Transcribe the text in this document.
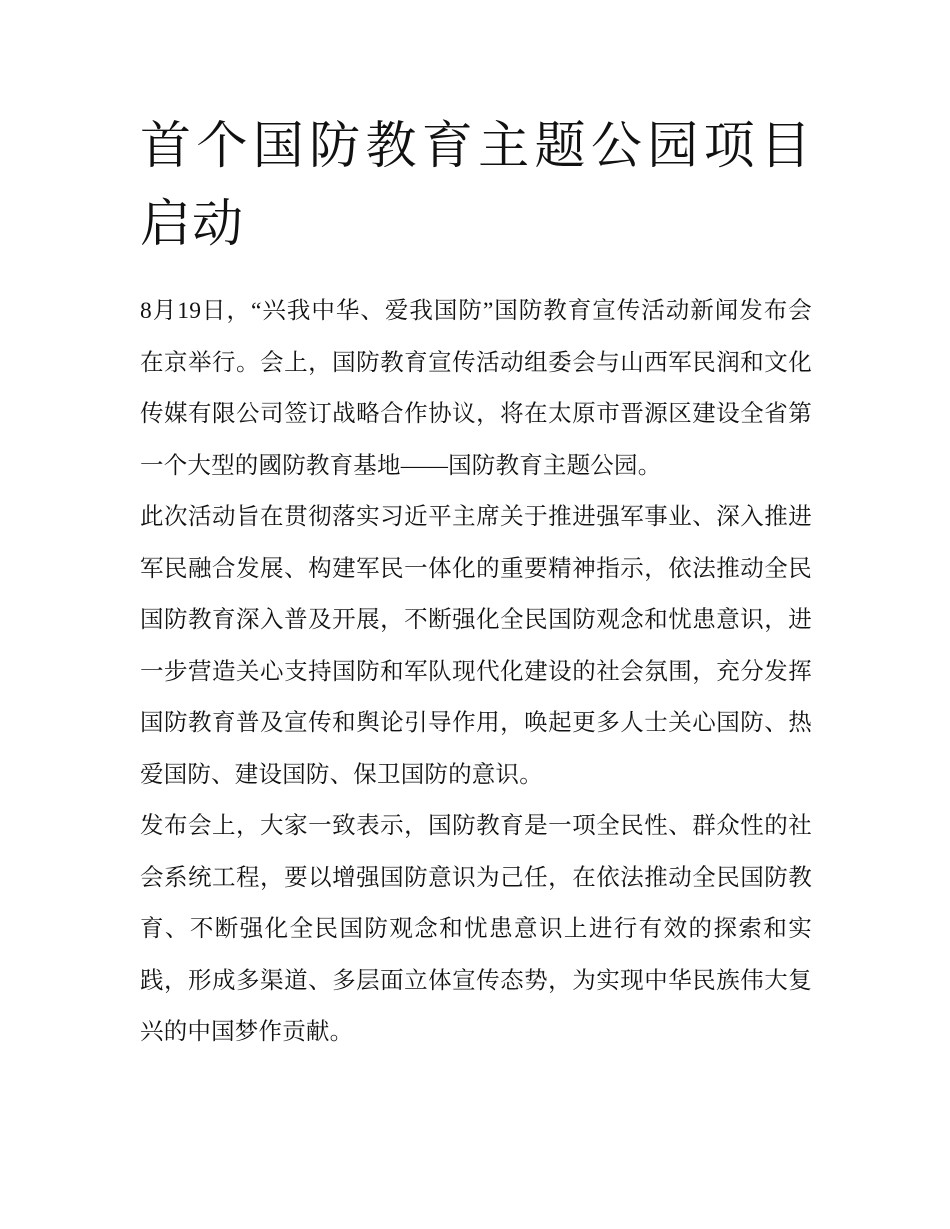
首个国防教育主题公园项目启动

8月19日，“兴我中华、爱我国防”国防教育宣传活动新闻发布会在京举行。会上，国防教育宣传活动组委会与山西军民润和文化传媒有限公司签订战略合作协议，将在太原市晋源区建设全省第一个大型的國防教育基地——国防教育主题公园。

此次活动旨在贯彻落实习近平主席关于推进强军事业、深入推进军民融合发展、构建军民一体化的重要精神指示，依法推动全民国防教育深入普及开展，不断强化全民国防观念和忧患意识，进一步营造关心支持国防和军队现代化建设的社会氛围，充分发挥国防教育普及宣传和舆论引导作用，唤起更多人士关心国防、热爱国防、建设国防、保卫国防的意识。

发布会上，大家一致表示，国防教育是一项全民性、群众性的社会系统工程，要以增强国防意识为己任，在依法推动全民国防教育、不断强化全民国防观念和忧患意识上进行有效的探索和实践，形成多渠道、多层面立体宣传态势，为实现中华民族伟大复兴的中国梦作贡献。
